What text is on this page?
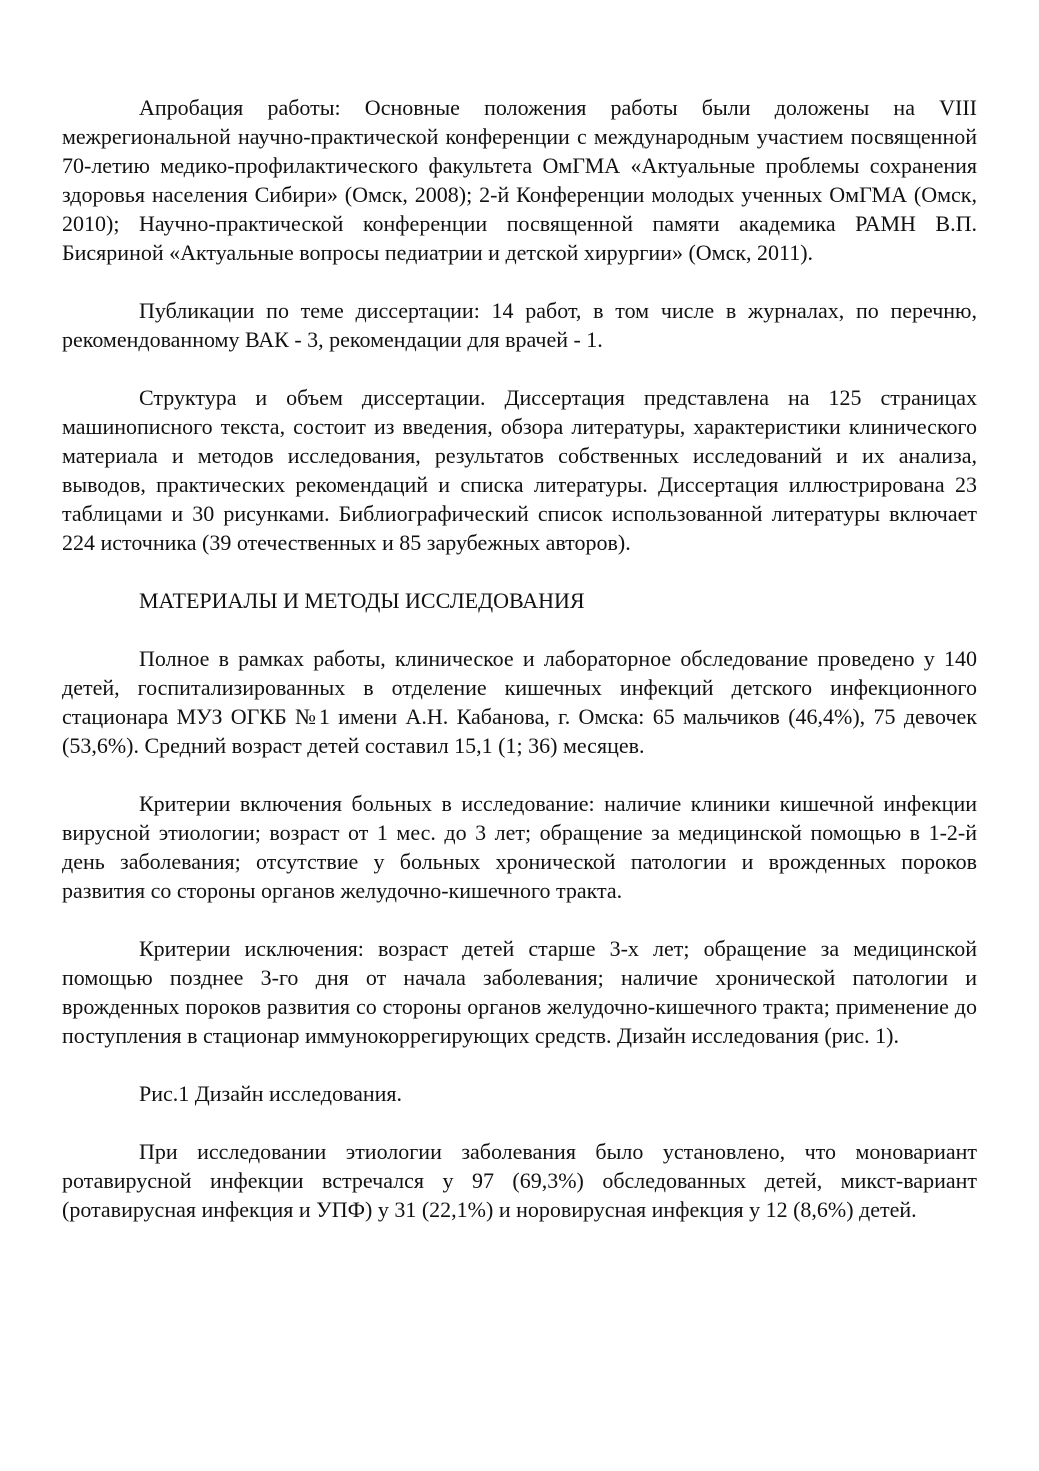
Апробация работы: Основные положения работы были доложены на VIII межрегиональной научно-практической конференции с международным участием посвященной 70-летию медико-профилактического факультета ОмГМА «Актуальные проблемы сохранения здоровья населения Сибири» (Омск, 2008); 2-й Конференции молодых ученных ОмГМА (Омск, 2010); Научно-практической конференции посвященной памяти академика РАМН В.П. Бисяриной «Актуальные вопросы педиатрии и детской хирургии» (Омск, 2011).

Публикации по теме диссертации: 14 работ, в том числе в журналах, по перечню, рекомендованному ВАК - 3, рекомендации для врачей - 1.

Структура и объем диссертации. Диссертация представлена на 125 страницах машинописного текста, состоит из введения, обзора литературы, характеристики клинического материала и методов исследования, результатов собственных исследований и их анализа, выводов, практических рекомендаций и списка литературы. Диссертация иллюстрирована 23 таблицами и 30 рисунками. Библиографический список использованной литературы включает 224 источника (39 отечественных и 85 зарубежных авторов).

МАТЕРИАЛЫ И МЕТОДЫ ИССЛЕДОВАНИЯ

Полное в рамках работы, клиническое и лабораторное обследование проведено у 140 детей, госпитализированных в отделение кишечных инфекций детского инфекционного стационара МУЗ ОГКБ №1 имени А.Н. Кабанова, г. Омска: 65 мальчиков (46,4%), 75 девочек (53,6%). Средний возраст детей составил 15,1 (1; 36) месяцев.

Критерии включения больных в исследование: наличие клиники кишечной инфекции вирусной этиологии; возраст от 1 мес. до 3 лет; обращение за медицинской помощью в 1-2-й день заболевания; отсутствие у больных хронической патологии и врожденных пороков развития со стороны органов желудочно-кишечного тракта.

Критерии исключения: возраст детей старше 3-х лет; обращение за медицинской помощью позднее 3-го дня от начала заболевания; наличие хронической патологии и врожденных пороков развития со стороны органов желудочно-кишечного тракта; применение до поступления в стационар иммунокоррегирующих средств. Дизайн исследования (рис. 1).

Рис.1 Дизайн исследования.

При исследовании этиологии заболевания было установлено, что моновариант ротавирусной инфекции встречался у 97 (69,3%) обследованных детей, микст-вариант (ротавирусная инфекция и УПФ) у 31 (22,1%) и норовирусная инфекция у 12 (8,6%) детей.
